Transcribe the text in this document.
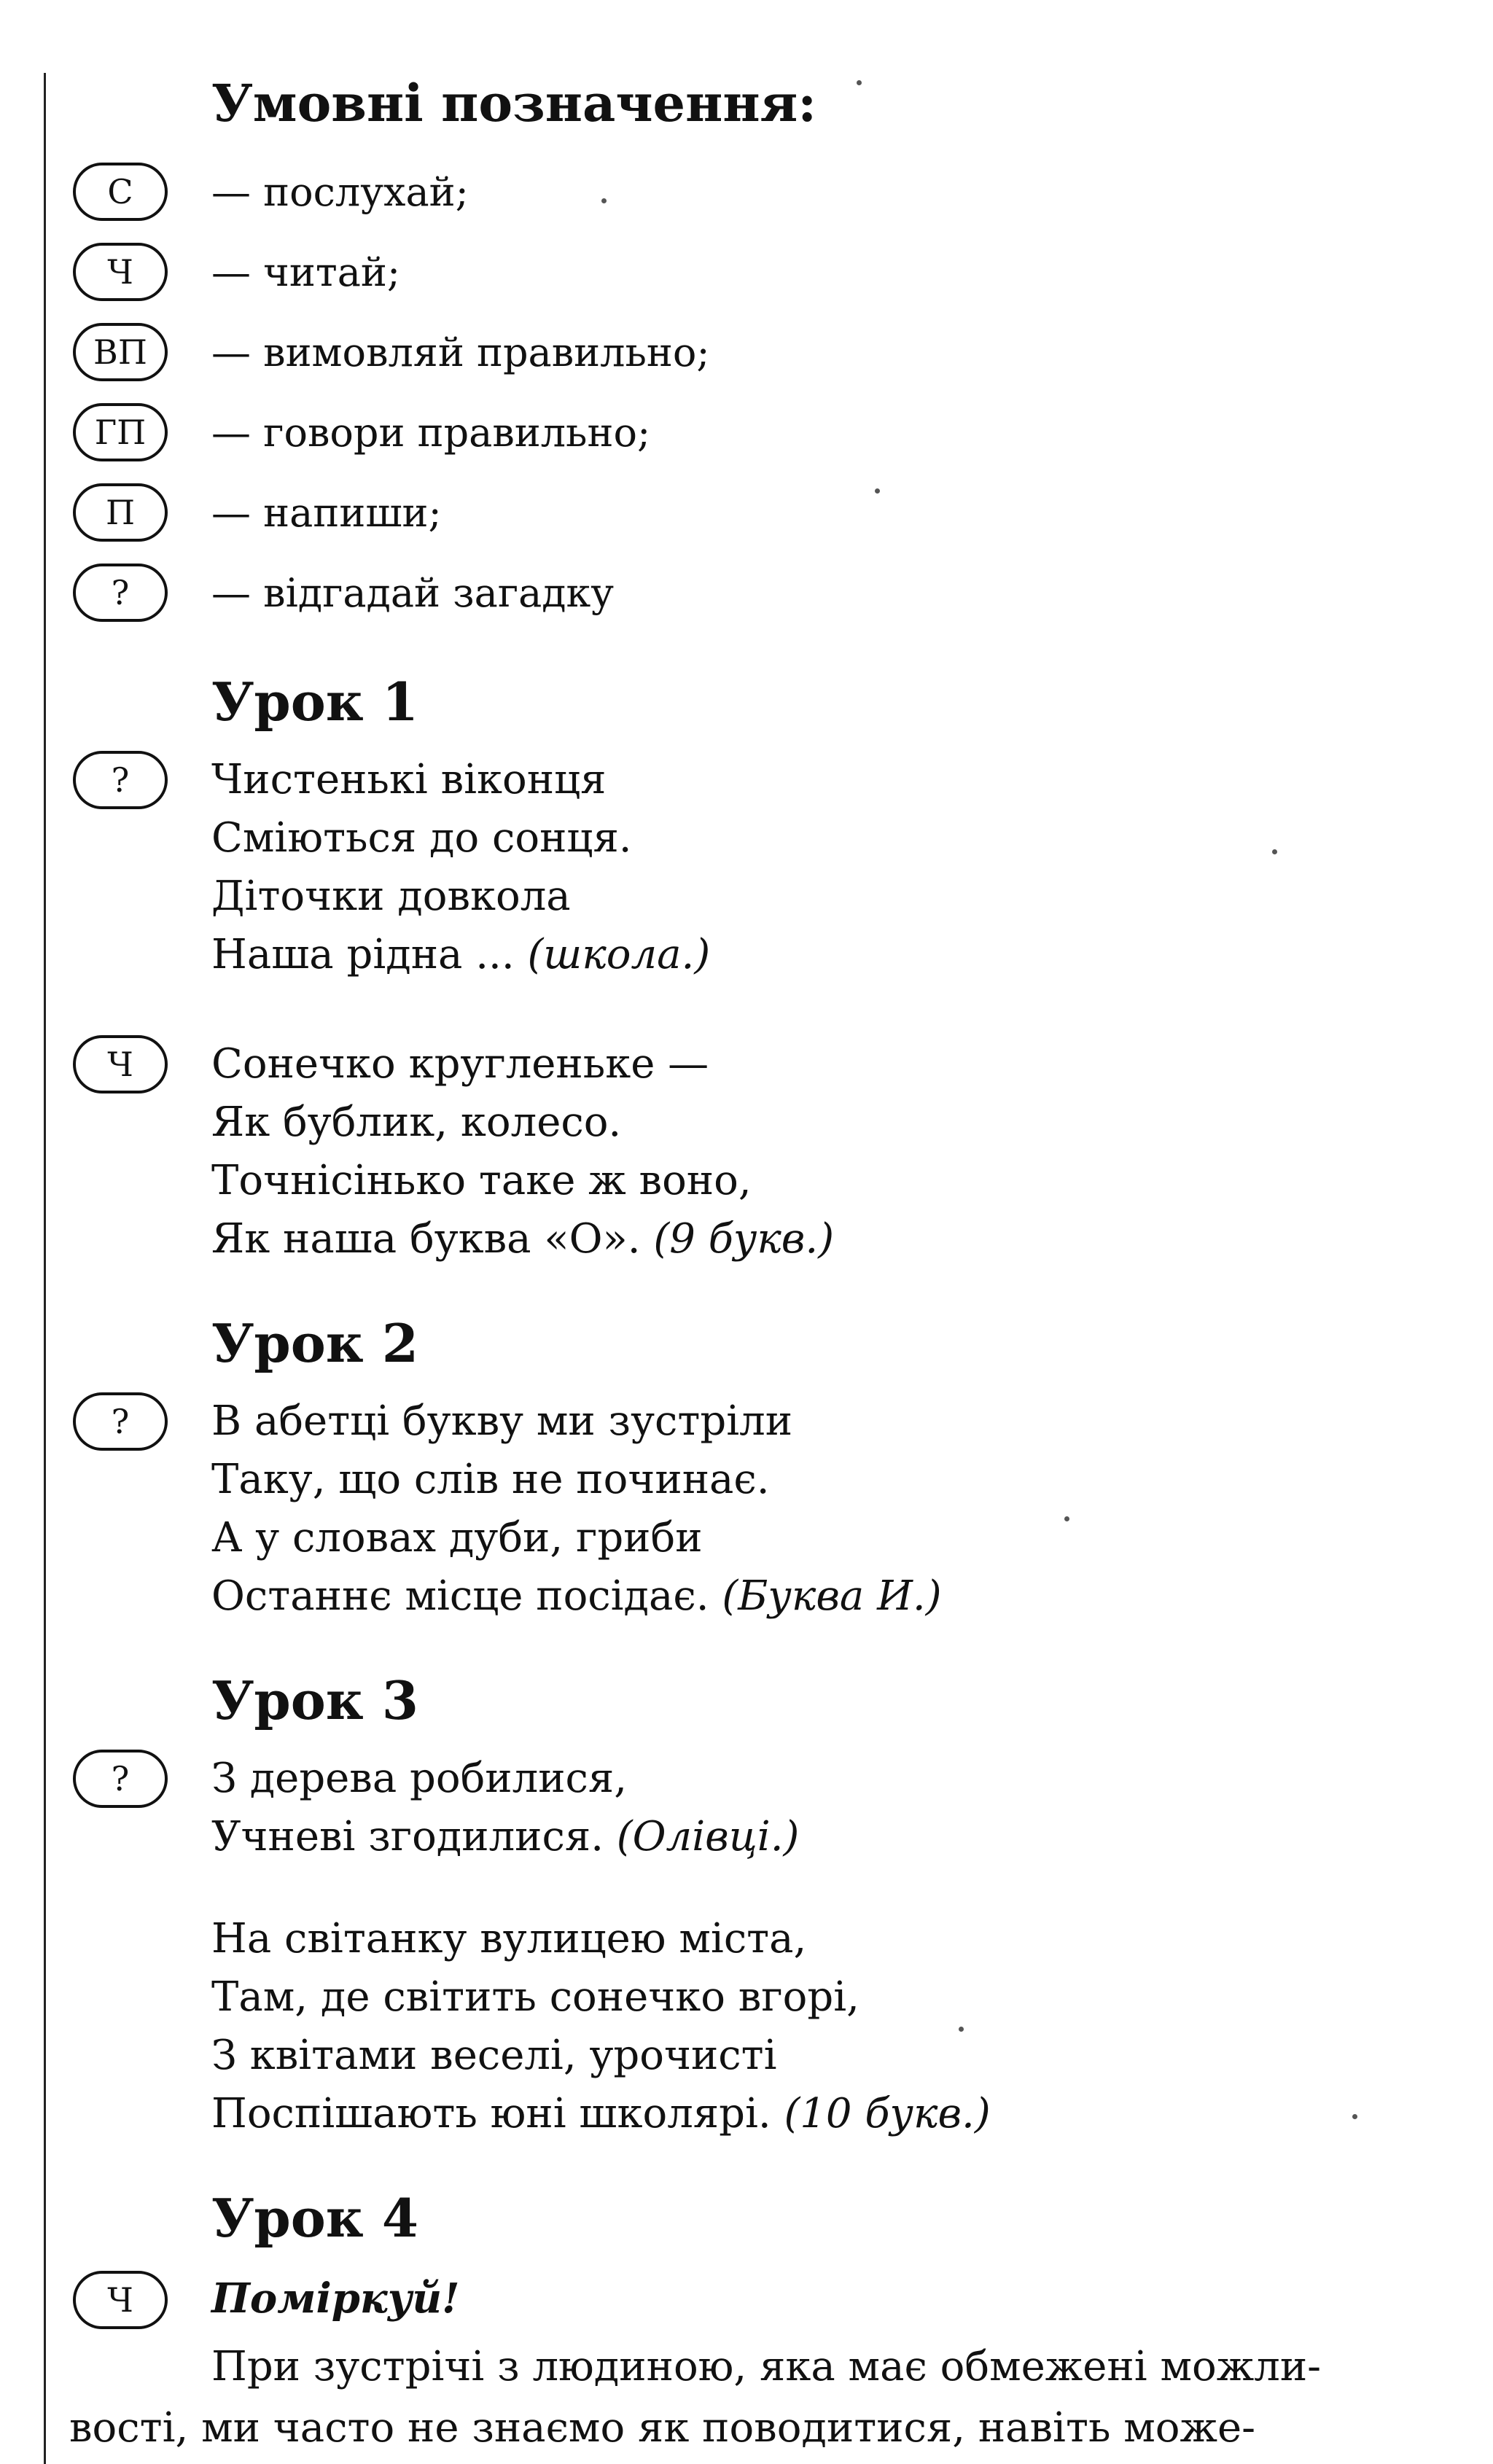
Умовні позначення:
С	— послухай;
Ч	— читай;
ВП	— вимовляй правильно;
ГП	— говори правильно;
П	— напиши;
?	— відгадай загадку
Урок 1
?	Чистенькі віконця
Сміються до сонця.
Діточки довкола
Наша рідна ... (школа.)
Ч	Сонечко кругленьке —
Як бублик, колесо.
Точнісінько таке ж воно,
Як наша буква «О». (9 букв.)
Урок 2
?	В абетці букву ми зустріли
Таку, що слів не починає.
А у словах дуби, гриби
Останнє місце посідає. (Буква И.)
Урок 3
?	З дерева робилися,
Учневі згодилися. (Олівці.)
На світанку вулицею міста,
Там, де світить сонечко вгорі,
З квітами веселі, урочисті
Поспішають юні школярі. (10 букв.)
Урок 4
Ч	Поміркуй!
При зустрічі з людиною, яка має обмежені можли-
вості, ми часто не знаємо як поводитися, навіть може-
